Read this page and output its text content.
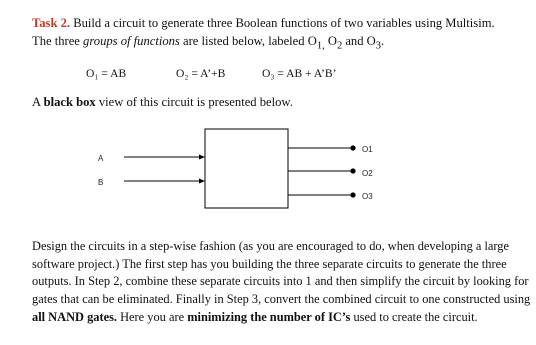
Task 2. Build a circuit to generate three Boolean functions of two variables using Multisim.
The three groups of functions are listed below, labeled $O_{1,}$ $O_2$ and $O_3$.
O₁ = AB	O₂ = A’+B	O₃ = AB + A’B’
A black box view of this circuit is presented below.
A
B
O1
O2
O3
Design the circuits in a step-wise fashion (as you are encouraged to do, when developing a large software project.) The first step has you building the three separate circuits to generate the three outputs. In Step 2, combine these separate circuits into 1 and then simplify the circuit by looking for gates that can be eliminated. Finally in Step 3, convert the combined circuit to one constructed using all NAND gates. Here you are minimizing the number of IC’s used to create the circuit.
